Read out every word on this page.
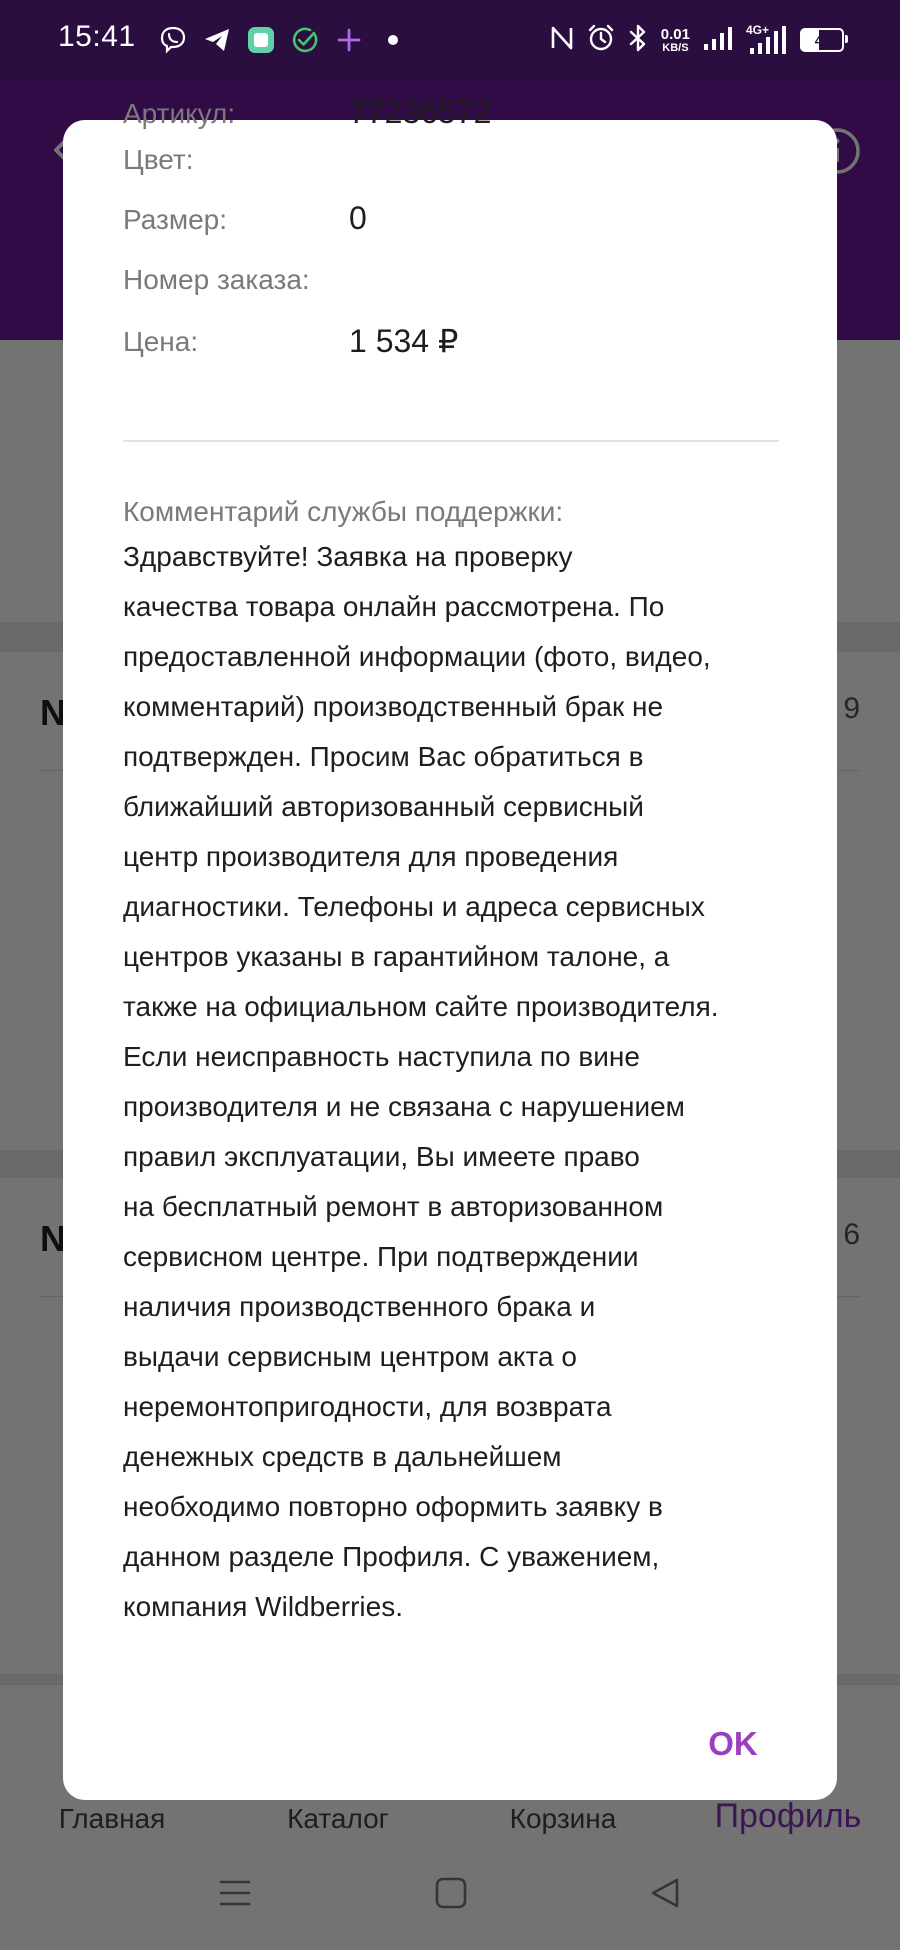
15:41	0.01
KB/S
4G+
43
Артикул:	77236572
Цвет:
Размер:	0
Номер заказа:
Цена:	1 534 ₽
Комментарий службы поддержки:
Здравствуйте! Заявка на проверку
качества товара онлайн рассмотрена. По
предоставленной информации (фото, видео,
комментарий) производственный брак не
подтвержден. Просим Вас обратиться в
ближайший авторизованный сервисный
центр производителя для проведения
диагностики. Телефоны и адреса сервисных
центров указаны в гарантийном талоне, а
также на официальном сайте производителя.
Если неисправность наступила по вине
производителя и не связана с нарушением
правил эксплуатации, Вы имеете право
на бесплатный ремонт в авторизованном
сервисном центре. При подтверждении
наличия производственного брака и
выдачи сервисным центром акта о
неремонтопригодности, для возврата
денежных средств в дальнейшем
необходимо повторно оформить заявку в
данном разделе Профиля. С уважением,
компания Wildberries.
OK
